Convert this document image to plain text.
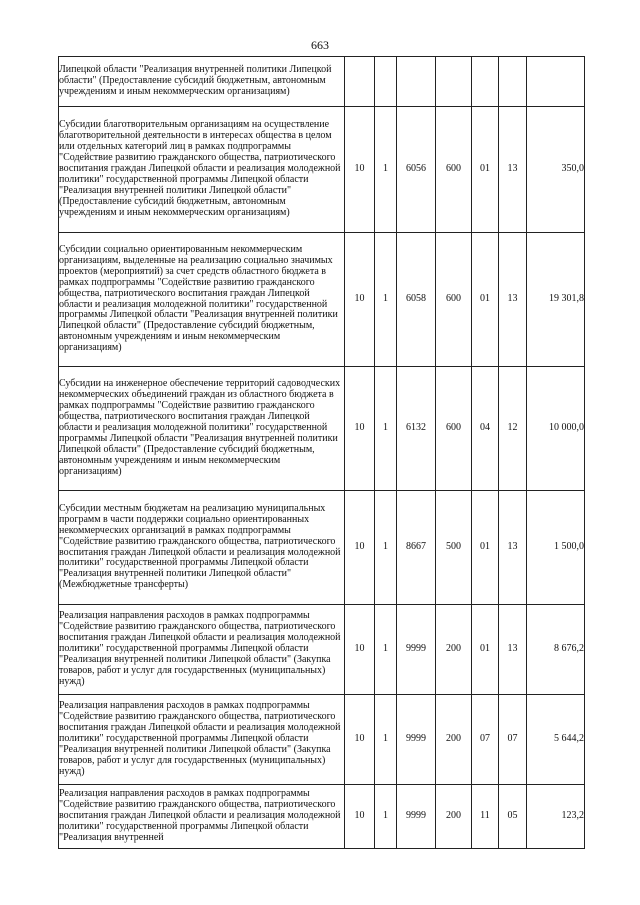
663
Липецкой области "Реализация внутренней политики Липецкой области" (Предоставление субсидий бюджетным, автономным учреждениям и иным некоммерческим организациям)							
Субсидии благотворительным организациям на осуществление благотворительной деятельности в интересах общества в целом или отдельных категорий лиц в рамках подпрограммы "Содействие развитию гражданского общества, патриотического воспитания граждан Липецкой области и реализация молодежной политики" государственной программы Липецкой области "Реализация внутренней политики Липецкой области" (Предоставление субсидий бюджетным, автономным учреждениям и иным некоммерческим организациям)	10	1	6056	600	01	13	350,0
Субсидии социально ориентированным некоммерческим организациям, выделенные на реализацию социально значимых проектов (мероприятий) за счет средств областного бюджета в рамках подпрограммы "Содействие развитию гражданского общества, патриотического воспитания граждан Липецкой области и реализация молодежной политики" государственной программы Липецкой области "Реализация внутренней политики Липецкой области" (Предоставление субсидий бюджетным, автономным учреждениям и иным некоммерческим организациям)	10	1	6058	600	01	13	19 301,8
Субсидии на инженерное обеспечение территорий садоводческих некоммерческих объединений граждан из областного бюджета в рамках подпрограммы "Содействие развитию гражданского общества, патриотического воспитания граждан Липецкой области и реализация молодежной политики" государственной программы Липецкой области "Реализация внутренней политики Липецкой области" (Предоставление субсидий бюджетным, автономным учреждениям и иным некоммерческим организациям)	10	1	6132	600	04	12	10 000,0
Субсидии местным бюджетам на реализацию муниципальных программ в части поддержки социально ориентированных некоммерческих организаций в рамках подпрограммы "Содействие развитию гражданского общества, патриотического воспитания граждан Липецкой области и реализация молодежной политики" государственной программы Липецкой области "Реализация внутренней политики Липецкой области" (Межбюджетные трансферты)	10	1	8667	500	01	13	1 500,0
Реализация направления расходов в рамках подпрограммы "Содействие развитию гражданского общества, патриотического воспитания граждан Липецкой области и реализация молодежной политики" государственной программы Липецкой области "Реализация внутренней политики Липецкой области" (Закупка товаров, работ и услуг для государственных (муниципальных) нужд)	10	1	9999	200	01	13	8 676,2
Реализация направления расходов в рамках подпрограммы "Содействие развитию гражданского общества, патриотического воспитания граждан Липецкой области и реализация молодежной политики" государственной программы Липецкой области "Реализация внутренней политики Липецкой области" (Закупка товаров, работ и услуг для государственных (муниципальных) нужд)	10	1	9999	200	07	07	5 644,2
Реализация направления расходов в рамках подпрограммы "Содействие развитию гражданского общества, патриотического воспитания граждан Липецкой области и реализация молодежной политики" государственной программы Липецкой области "Реализация внутренней	10	1	9999	200	11	05	123,2
